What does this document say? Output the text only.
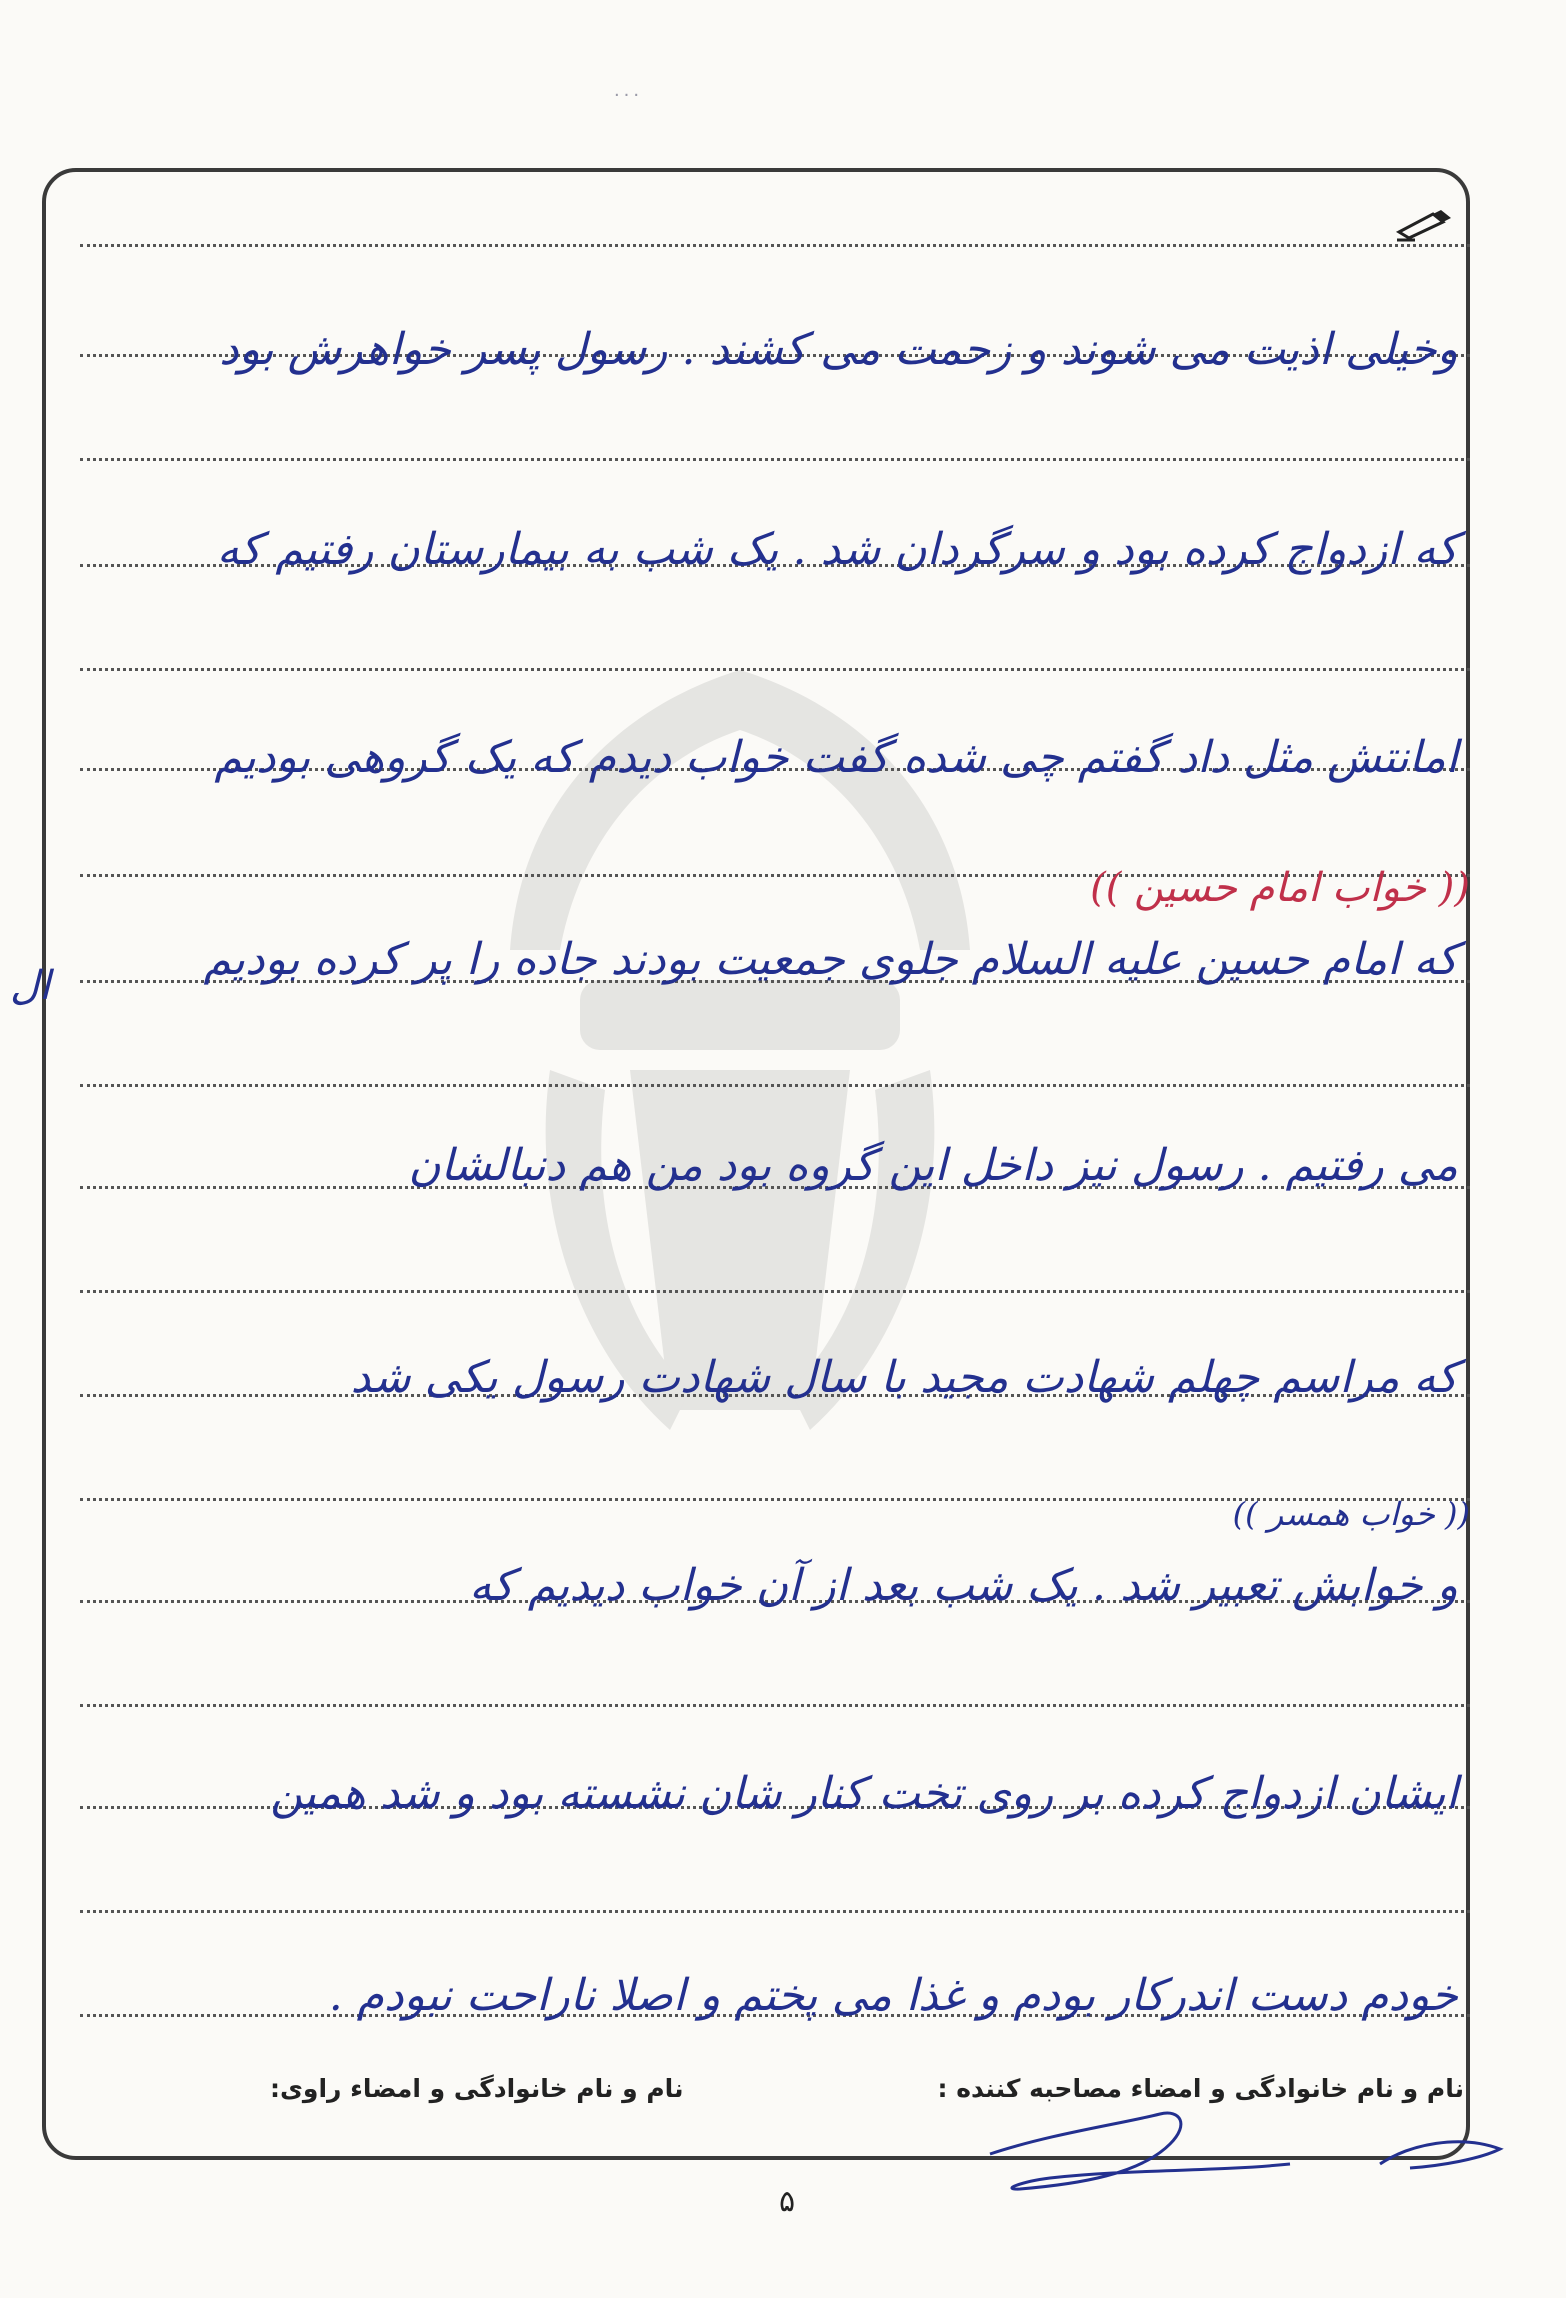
٠٠٠
وخیلی اذیت می شوند و زحمت می کشند . رسول پسر خواهرش بود
که ازدواج کرده بود و سرگردان شد . یک شب به بیمارستان رفتیم که
امانتش مثل داد گفتم چی شده گفت خواب دیدم که یک گروهی بودیم
که امام حسین علیه السلام جلوی جمعیت بودند جاده را پر کرده بودیم
می رفتیم . رسول نیز داخل این گروه بود من هم دنبالشان
که مراسم چهلم شهادت مجید با سال شهادت رسول یکی شد
و خوابش تعبیر شد . یک شب بعد از آن خواب دیدیم که
ایشان ازدواج کرده بر روی تخت کنار شان نشسته بود و شد همین
خودم دست اندرکار بودم و غذا می پختم و اصلا ناراحت نبودم .
(( خواب امام حسین ))
ال
(( خواب همسر ))
نام و نام خانوادگی و امضاء مصاحبه کننده :
نام و نام خانوادگی و امضاء راوی:
۵
